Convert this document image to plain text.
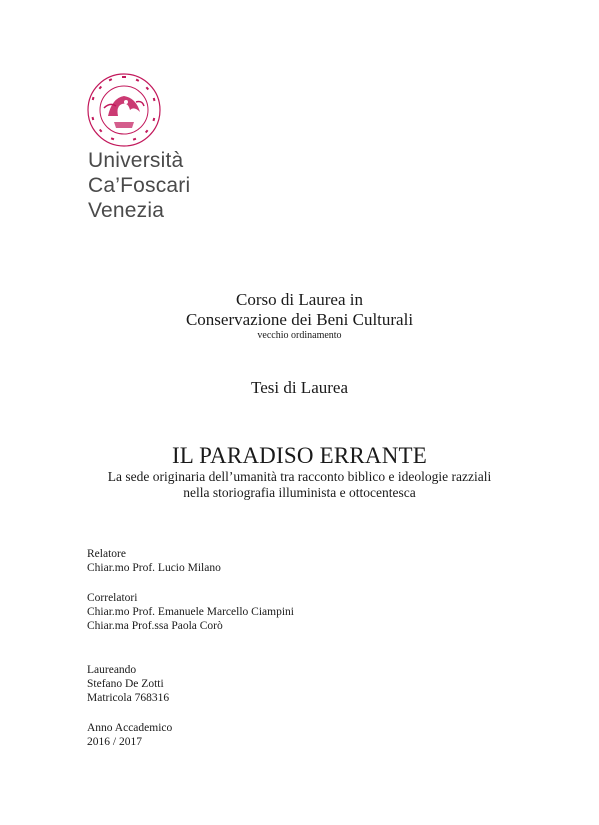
Università
Ca’Foscari
Venezia
Corso di Laurea in
Conservazione dei Beni Culturali
vecchio ordinamento
Tesi di Laurea
IL PARADISO ERRANTE
La sede originaria dell’umanità tra racconto biblico e ideologie razziali
nella storiografia illuminista e ottocentesca
Relatore
Chiar.mo Prof. Lucio Milano
Correlatori
Chiar.mo Prof. Emanuele Marcello Ciampini
Chiar.ma Prof.ssa Paola Corò
Laureando
Stefano De Zotti
Matricola 768316
Anno Accademico
2016 / 2017
